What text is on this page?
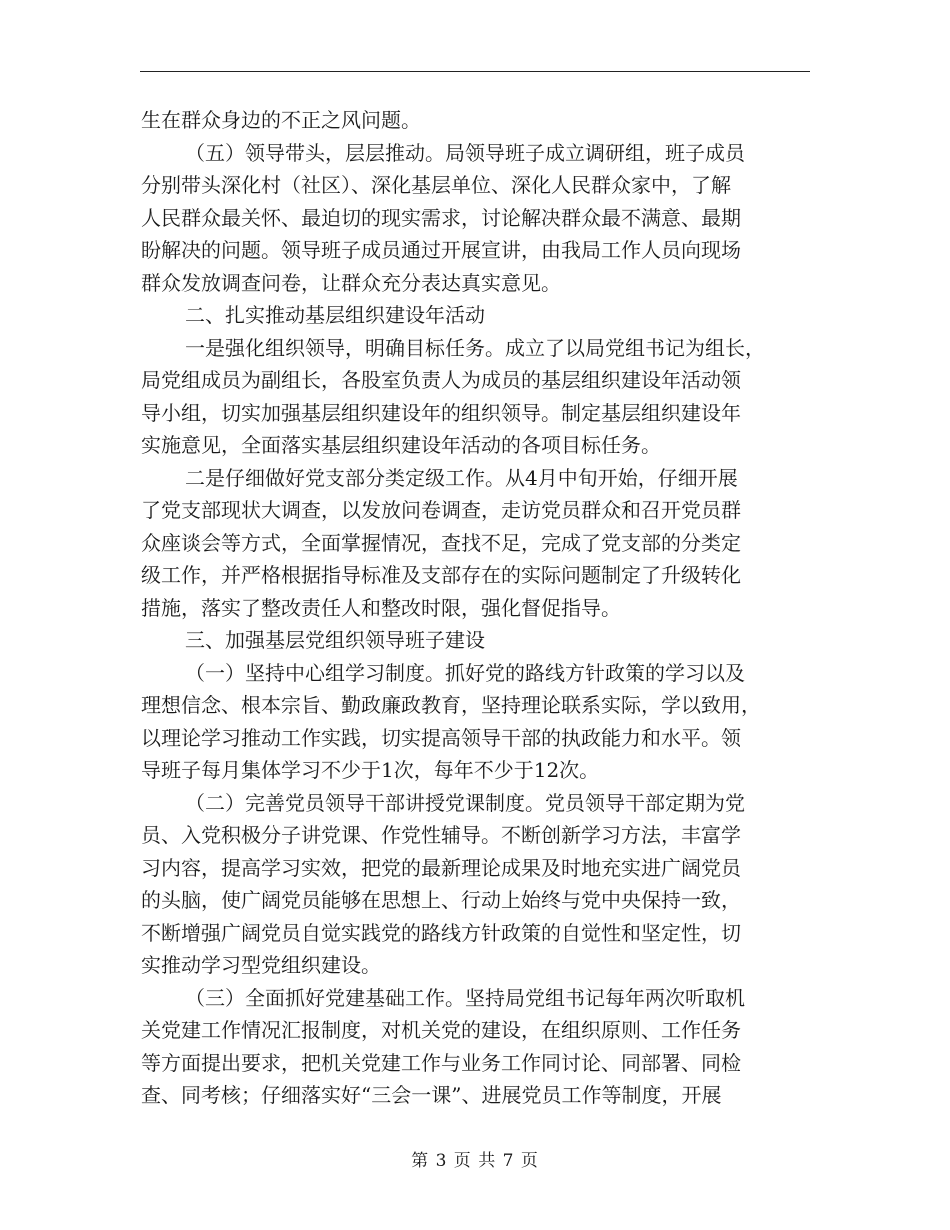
生在群众身边的不正之风问题。
（五）领导带头，层层推动。局领导班子成立调研组，班子成员
分别带头深化村（社区）、深化基层单位、深化人民群众家中，了解
人民群众最关怀、最迫切的现实需求，讨论解决群众最不满意、最期
盼解决的问题。领导班子成员通过开展宣讲，由我局工作人员向现场
群众发放调查问卷，让群众充分表达真实意见。
二、扎实推动基层组织建设年活动
一是强化组织领导，明确目标任务。成立了以局党组书记为组长，
局党组成员为副组长，各股室负责人为成员的基层组织建设年活动领
导小组，切实加强基层组织建设年的组织领导。制定基层组织建设年
实施意见，全面落实基层组织建设年活动的各项目标任务。
二是仔细做好党支部分类定级工作。从4月中旬开始，仔细开展
了党支部现状大调查，以发放问卷调查，走访党员群众和召开党员群
众座谈会等方式，全面掌握情况，查找不足，完成了党支部的分类定
级工作，并严格根据指导标准及支部存在的实际问题制定了升级转化
措施，落实了整改责任人和整改时限，强化督促指导。
三、加强基层党组织领导班子建设
（一）坚持中心组学习制度。抓好党的路线方针政策的学习以及
理想信念、根本宗旨、勤政廉政教育，坚持理论联系实际，学以致用，
以理论学习推动工作实践，切实提高领导干部的执政能力和水平。领
导班子每月集体学习不少于1次，每年不少于12次。
（二）完善党员领导干部讲授党课制度。党员领导干部定期为党
员、入党积极分子讲党课、作党性辅导。不断创新学习方法，丰富学
习内容，提高学习实效，把党的最新理论成果及时地充实进广阔党员
的头脑，使广阔党员能够在思想上、行动上始终与党中央保持一致，
不断增强广阔党员自觉实践党的路线方针政策的自觉性和坚定性，切
实推动学习型党组织建设。
（三）全面抓好党建基础工作。坚持局党组书记每年两次听取机
关党建工作情况汇报制度，对机关党的建设，在组织原则、工作任务
等方面提出要求，把机关党建工作与业务工作同讨论、同部署、同检
查、同考核；仔细落实好“三会一课”、进展党员工作等制度，开展
第 3 页 共 7 页
